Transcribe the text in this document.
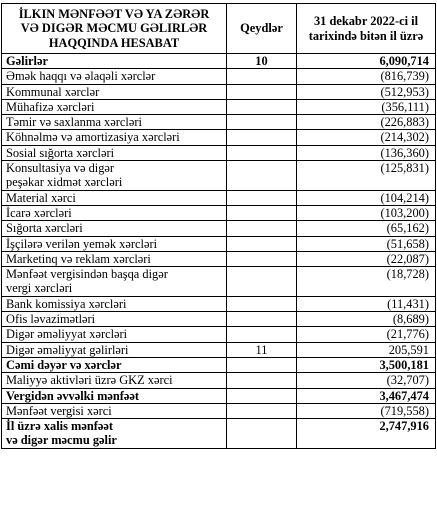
İLKIN MƏNFƏƏT VƏ YA ZƏRƏR
VƏ DIGƏR MƏCMU GƏLIRLƏR
HAQQINDA HESABAT	Qeydlər	31 dekabr 2022-ci il
tarixində bitən il üzrə

Gəlirlər	10	6,090,714

Əmək haqqı və əlaqəli xərclər		(816,739)

Kommunal xərclər		(512,953)

Mühafizə xərcləri		(356,111)

Təmir və saxlanma xərcləri		(226,883)

Köhnəlmə və amortizasiya xərcləri		(214,302)

Sosial sığorta xərcləri		(136,360)

Konsultasiya və digər
peşəkar xidmət xərcləri		(125,831)

Material xərci		(104,214)

İcarə xərcləri		(103,200)

Sığorta xərcləri		(65,162)

İşçilərə verilən yemək xərcləri		(51,658)

Marketinq və reklam xərcləri		(22,087)

Mənfəət vergisindən başqa digər
vergi xərcləri		(18,728)

Bank komissiya xərcləri		(11,431)

Ofis ləvazimətləri		(8,689)

Digər əməliyyat xərcləri		(21,776)

Digər əməliyyat gəlirləri	11	205,591

Cəmi dəyər və xərclər		3,500,181

Maliyyə aktivləri üzrə GKZ xərci		(32,707)

Vergidən əvvəlki mənfəət		3,467,474

Mənfəət vergisi xərci		(719,558)

İl üzrə xalis mənfəət
və digər məcmu gəlir		2,747,916
